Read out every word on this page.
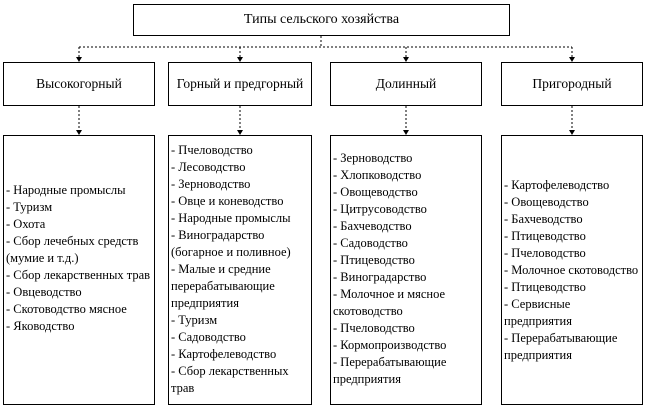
Типы сельского хозяйства
Высокогорный	Горный и предгорный	Долинный	Пригородный
- Народные промыслы
- Туризм
- Охота
- Сбор лечебных средств (мумие и т.д.)
- Сбор лекарственных трав
- Овцеводство
- Скотоводство мясное
- Яководство
- Пчеловодство
- Лесоводство
- Зерноводство
- Овце и коневодство
- Народные промыслы
- Виноградарство (богарное и поливное)
- Малые и средние перерабатывающие предприятия
- Туризм
- Садоводство
- Картофелеводство
- Сбор лекарственных трав
- Зерноводство
- Хлопководство
- Овощеводство
- Цитрусоводство
- Бахчеводство
- Садоводство
- Птицеводство
- Виноградарство
- Молочное и мясное скотоводство
- Пчеловодство
- Кормопроизводство
- Перерабатывающие предприятия
- Картофелеводство
- Овощеводство
- Бахчеводство
- Птицеводство
- Пчеловодство
- Молочное скотоводство
- Птицеводство
- Сервисные предприятия
- Перерабатывающие предприятия
